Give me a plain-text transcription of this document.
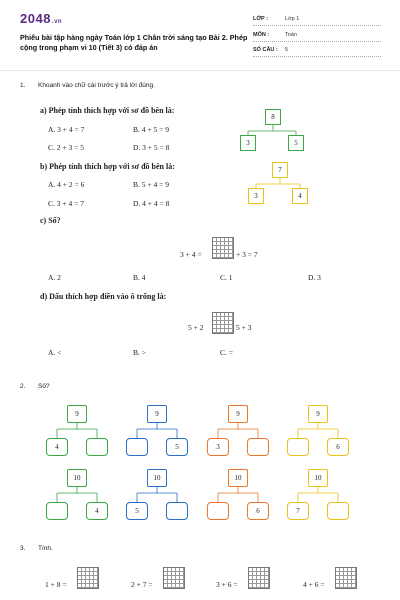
2048.vn
Phiếu bài tập hàng ngày Toán lớp 1 Chân trời sáng tạo Bài 2. Phép cộng trong phạm vi 10 (Tiết 3) có đáp án
LỚP :	Lớp 1
MÔN :	Toán
SỐ CÂU : 5
1. Khoanh vào chữ cái trước ý trả lời đúng.
a) Phép tính thích hợp với sơ đồ bên là:
A. 3 + 4 = 7	B. 4 + 5 = 9
C. 2 + 3 = 5	D. 3 + 5 = 8
8
3	5
b) Phép tính thích hợp với sơ đồ bên là:
A. 4 + 2 = 6	B. 5 + 4 = 9
C. 3 + 4 = 7	D. 4 + 4 = 8
7
3	4
c) Số?
3 + 4 =	+ 3 = 7
A. 2	B. 4	C. 1	D. 3
d) Dấu thích hợp điền vào ô trống là:
5 + 2	5 + 3
A. <	B. >	C. =
2. Số?
9
4
9
5
9
3
9
6
10
4
10
5
10
6
10
7
3. Tính.
1 + 8 =	2 + 7 =	3 + 6 =	4 + 6 =
